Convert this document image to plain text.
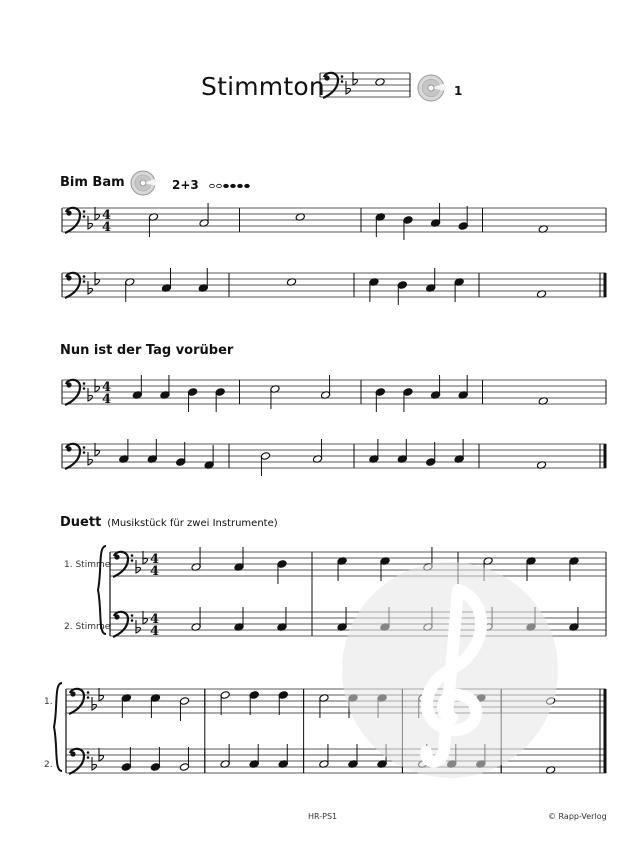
Stimmton	1
Bim Bam	2+3
4
4
Nun ist der Tag vorüber
4
4
Duett (Musikstück für zwei Instrumente)
1. Stimme
2. Stimme
4
4
4
4
1.
2.
HR-PS1	© Rapp-Verlog
